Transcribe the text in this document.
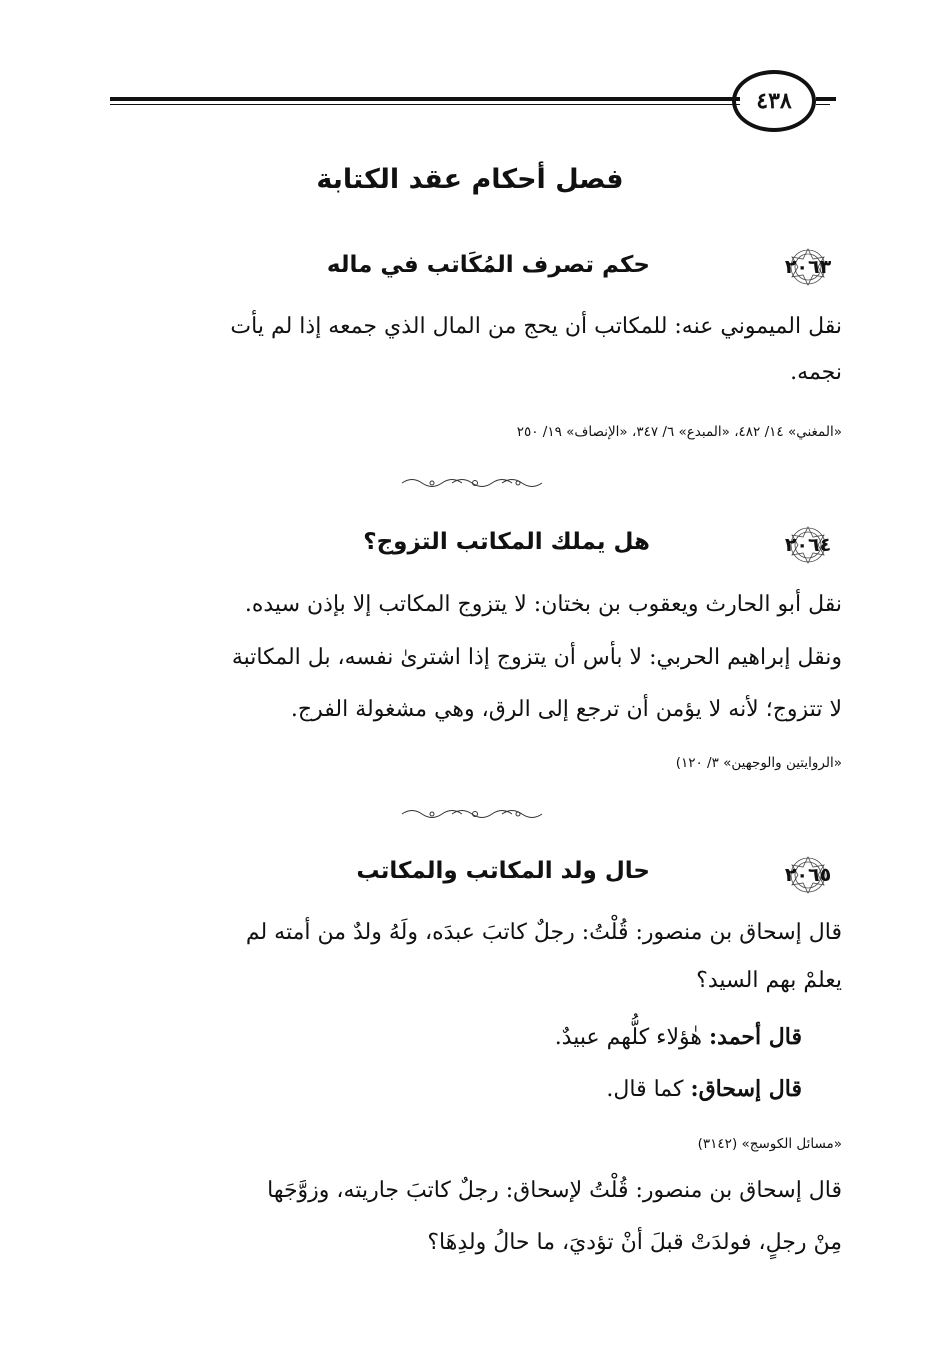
٤٣٨
فصل أحكام عقد الكتابة
٢٠٦٣
حكم تصرف المُكَاتب في ماله
نقل الميموني عنه: للمكاتب أن يحج من المال الذي جمعه إذا لم يأت
نجمه.
«المغني» ١٤/ ٤٨٢، «المبدع» ٦/ ٣٤٧، «الإنصاف» ١٩/ ٢٥٠
٢٠٦٤
هل يملك المكاتب التزوج؟
نقل أبو الحارث ويعقوب بن بختان: لا يتزوج المكاتب إلا بإذن سيده.
ونقل إبراهيم الحربي: لا بأس أن يتزوج إذا اشترىٰ نفسه، بل المكاتبة
لا تتزوج؛ لأنه لا يؤمن أن ترجع إلى الرق، وهي مشغولة الفرج.
«الروايتين والوجهين» ٣/ ١٢٠)
٢٠٦٥
حال ولد المكاتب والمكاتب
قال إسحاق بن منصور: قُلْتُ: رجلٌ كاتبَ عبدَه، ولَهُ ولدٌ من أمته لم
يعلمْ بهم السيد؟
قال أحمد: هٰؤلاء كلُّهم عبيدٌ.
قال إسحاق: كما قال.
«مسائل الكوسج» (٣١٤٢)
قال إسحاق بن منصور: قُلْتُ لإسحاق: رجلٌ كاتبَ جاريته، وزوَّجَها
مِنْ رجلٍ، فولدَتْ قبلَ أنْ تؤديَ، ما حالُ ولدِهَا؟
